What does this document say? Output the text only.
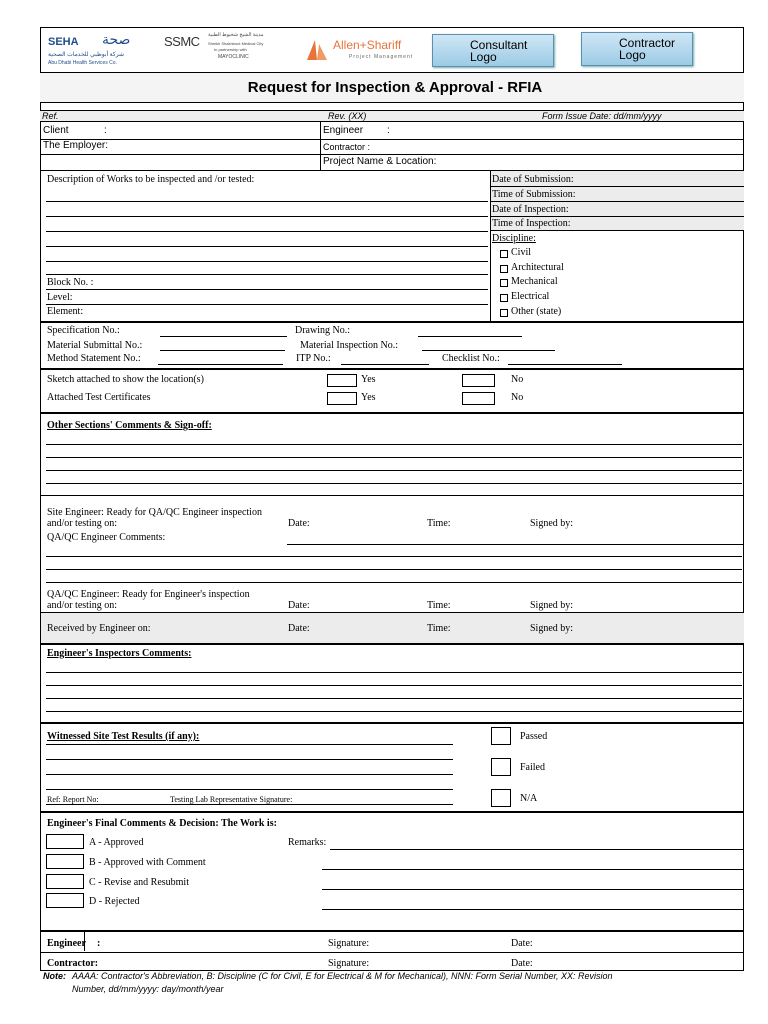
SEHA صحة
شركة أبوظبي للخدمات الصحية
Abu Dhabi Health Services Co.
SSMC مدينة الشيخ شخبوط الطبية
Sheikh Shakhbout Medical City
In partnership with
MAYOCLINIC
Allen+Shariff
Project Management
Consultant Logo
Contractor Logo
Request for Inspection & Approval - RFIA
Ref.	Rev. (XX)	Form Issue Date: dd/mm/yyyy
Client	:	Engineer :
The Employer:	Contractor :
Project Name & Location:
Description of Works to be inspected and /or tested:
Block No. :
Level:
Element:
Date of Submission:
Time of Submission:
Date of Inspection:
Time of Inspection:
Discipline:
Civil
Architectural
Mechanical
Electrical
Other (state)
Specification No.:	Drawing No.:
Material Submittal No.:	Material Inspection No.:
Method Statement No.:	ITP No.:	Checklist No.:
Sketch attached to show the location(s)	Yes	No
Attached Test Certificates	Yes	No
Other Sections' Comments & Sign-off:
Site Engineer: Ready for QA/QC Engineer inspection
and/or testing on:	Date:	Time:	Signed by:
QA/QC Engineer Comments:
QA/QC Engineer: Ready for Engineer's inspection
and/or testing on:	Date:	Time:	Signed by:
Received by Engineer on:	Date:	Time:	Signed by:
Engineer's Inspectors Comments:
Witnessed Site Test Results (if any):
Ref: Report No:	Testing Lab Representative Signature:
Passed
Failed
N/A
Engineer's Final Comments & Decision: The Work is:
A - Approved
B - Approved with Comment
C - Revise and Resubmit
D - Rejected
Remarks:
Engineer :	Signature:	Date:
Contractor:	Signature:	Date:
Note: AAAA: Contractor's Abbreviation, B: Discipline (C for Civil, E for Electrical & M for Mechanical), NNN: Form Serial Number, XX: Revision
Number, dd/mm/yyyy: day/month/year
